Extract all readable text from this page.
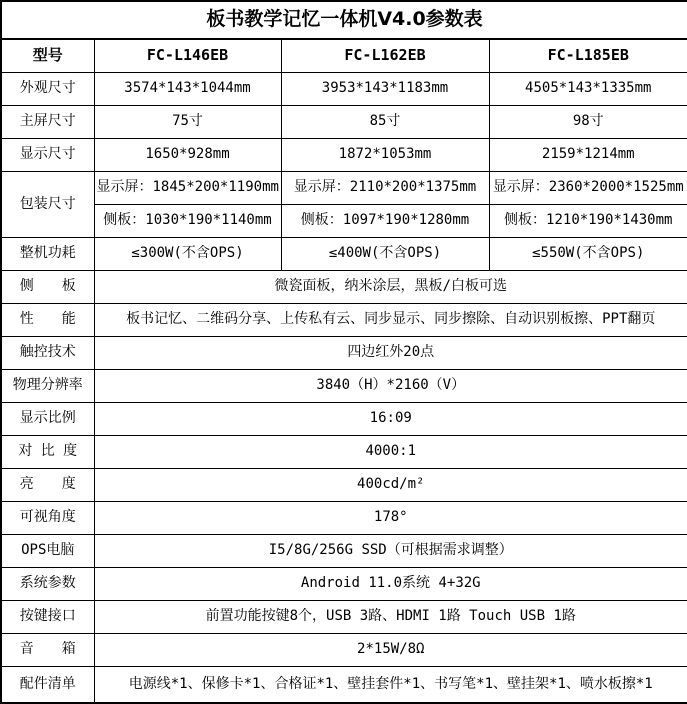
板书教学记忆一体机V4.0参数表			
型号	FC-L146EB	FC-L162EB	FC-L185EB
外观尺寸	3574*143*1044mm	3953*143*1183mm	4505*143*1335mm
主屏尺寸	75寸	85寸	98寸
显示尺寸	1650*928mm	1872*1053mm	2159*1214mm
包装尺寸	显示屏：1845*200*1190mm	显示屏：2110*200*1375mm	显示屏：2360*2000*1525mm
	侧板：1030*190*1140mm	侧板：1097*190*1280mm	侧板：1210*190*1430mm
整机功耗	≤300W(不含OPS)	≤400W(不含OPS)	≤550W(不含OPS)
侧　　板	微瓷面板，纳米涂层，黑板/白板可选		
性　　能	板书记忆、二维码分享、上传私有云、同步显示、同步擦除、自动识别板擦、PPT翻页		
触控技术	四边红外20点		
物理分辨率	3840（H）*2160（V）		
显示比例	16:09		
对 比 度	4000:1		
亮　　度	400cd/m²		
可视角度	178°		
OPS电脑	I5/8G/256G SSD（可根据需求调整）		
系统参数	Android 11.0系统 4+32G		
按键接口	前置功能按键8个，USB 3路、HDMI 1路 Touch USB 1路		
音　　箱	2*15W/8Ω		
配件清单	电源线*1、保修卡*1、合格证*1、壁挂套件*1、书写笔*1、壁挂架*1、喷水板擦*1		
